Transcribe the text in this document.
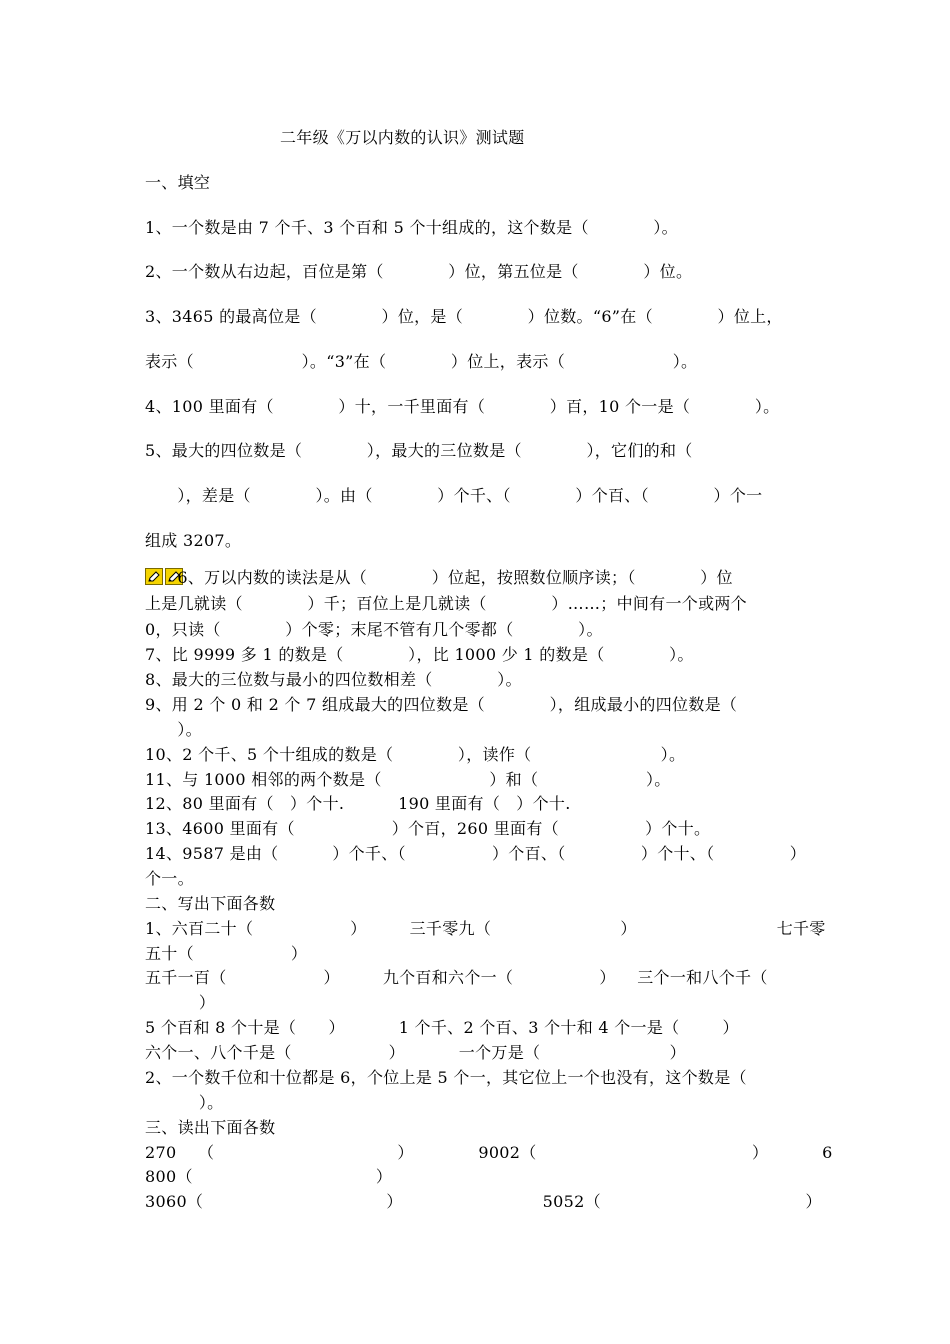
二年级《万以内数的认识》测试题
一、填空
1、一个数是由 7 个千、3 个百和 5 个十组成的，这个数是（            ）。
2、一个数从右边起，百位是第（            ）位，第五位是（            ）位。
3、3465 的最高位是（            ）位，是（            ）位数。“6”在（            ）位上，
表示（                    ）。“3”在（            ）位上，表示（                    ）。
4、100 里面有（            ）十，一千里面有（            ）百，10 个一是（            ）。
5、最大的四位数是（            ），最大的三位数是（            ），它们的和（
），差是（            ）。由（            ）个千、（            ）个百、（            ）个一
组成 3207。
6、万以内数的读法是从（            ）位起，按照数位顺序读；（            ）位
上是几就读（            ）千；百位上是几就读（            ）……；中间有一个或两个
0，只读（            ）个零；末尾不管有几个零都（            ）。
7、比 9999 多 1 的数是（            ），比 1000 少 1 的数是（            ）。
8、最大的三位数与最小的四位数相差（            ）。
9、用 2 个 0 和 2 个 7 组成最大的四位数是（            ），组成最小的四位数是（
）。
10、2 个千、5 个十组成的数是（            ），读作（                        ）。
11、与 1000 相邻的两个数是（                    ）和（                    ）。
12、80 里面有（   ）个十.          190 里面有（   ）个十.
13、4600 里面有（                  ）个百，260 里面有（                ）个十。
14、9587 是由（          ）个千、（                ）个百、（              ）个十、（              ）
个一。
二、写出下面各数
1、六百二十（                  ）        三千零九（                        ）                          七千零
五十（                  ）
五千一百（                  ）        九个百和六个一（                ）    三个一和八个千（
）
5 个百和 8 个十是（      ）          1 个千、2 个百、3 个十和 4 个一是（        ）
六个一、八个千是（                  ）          一个万是（                        ）
2、一个数千位和十位都是 6，个位上是 5 个一，其它位上一个也没有，这个数是（
）。
三、读出下面各数
270    （                                  ）            9002（                                        ）          6
800（                                  ）
3060（                                  ）                          5052（                                      ）
